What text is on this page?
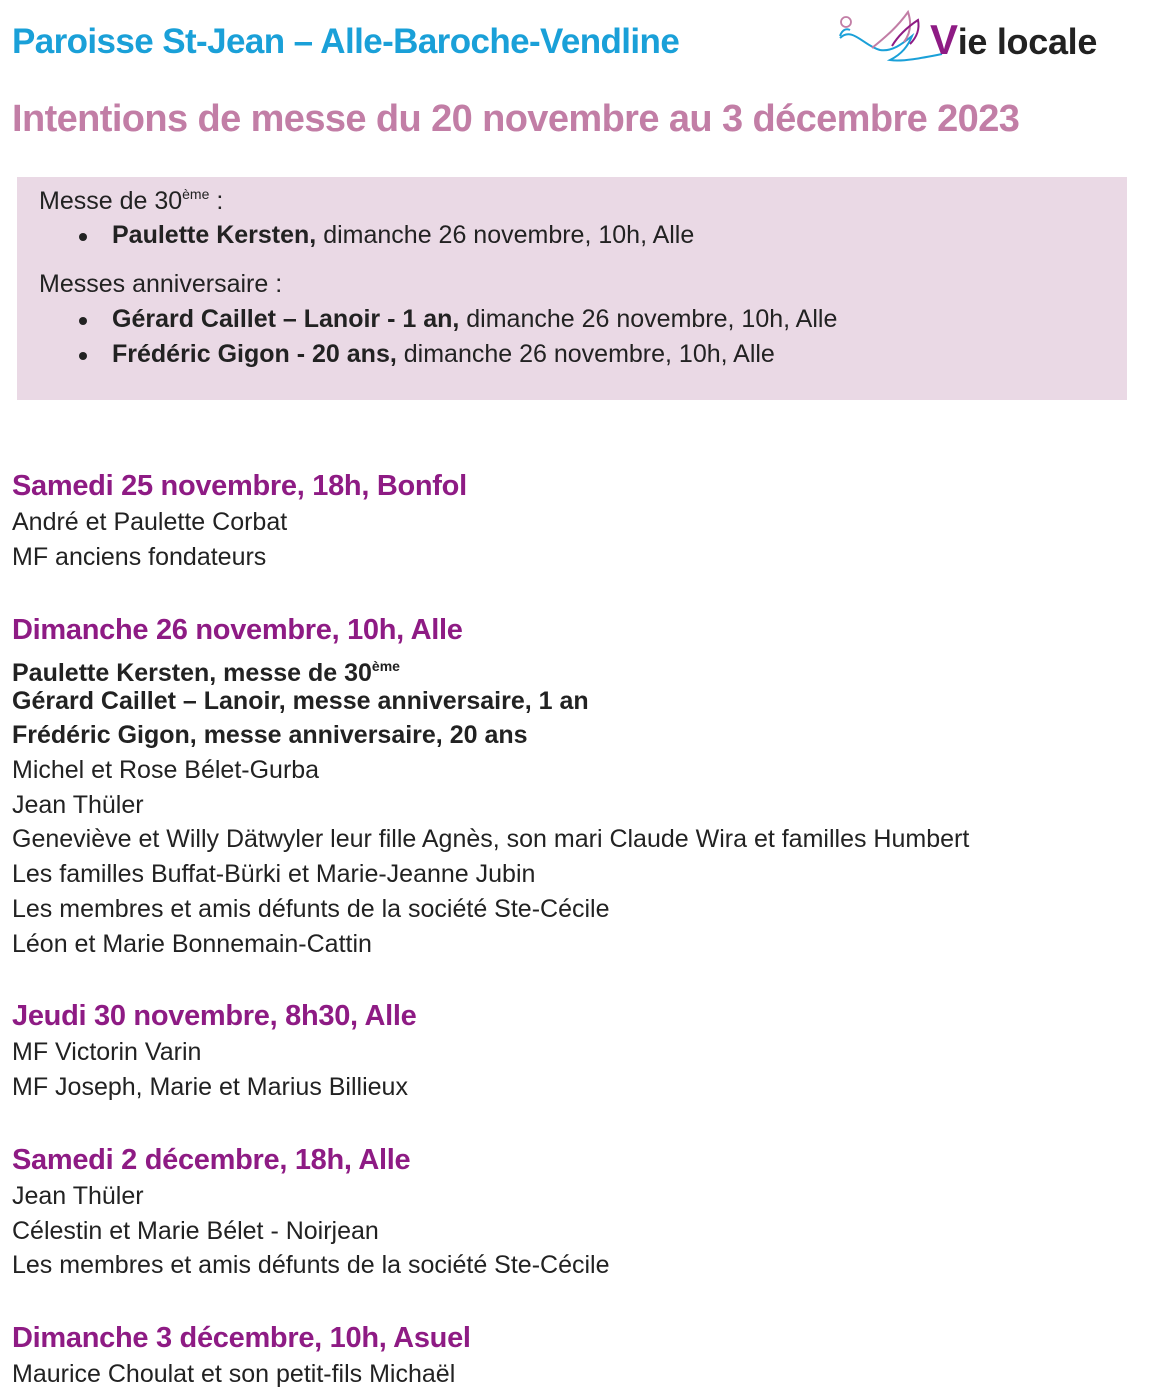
Paroisse St-Jean – Alle-Baroche-Vendline	Vie locale
Intentions de messe du 20 novembre au 3 décembre 2023
Messe de 30ème :
Paulette Kersten, dimanche 26 novembre, 10h, Alle
Messes anniversaire :
Gérard Caillet – Lanoir - 1 an, dimanche 26 novembre, 10h, Alle
Frédéric Gigon - 20 ans, dimanche 26 novembre, 10h, Alle
Samedi 25 novembre, 18h, Bonfol
André et Paulette Corbat
MF anciens fondateurs
Dimanche 26 novembre, 10h, Alle
Paulette Kersten, messe de 30ème
Gérard Caillet – Lanoir, messe anniversaire, 1 an
Frédéric Gigon, messe anniversaire, 20 ans
Michel et Rose Bélet-Gurba
Jean Thüler
Geneviève et Willy Dätwyler leur fille Agnès, son mari Claude Wira et familles Humbert
Les familles Buffat-Bürki et Marie-Jeanne Jubin
Les membres et amis défunts de la société Ste-Cécile
Léon et Marie Bonnemain-Cattin
Jeudi 30 novembre, 8h30, Alle
MF Victorin Varin
MF Joseph, Marie et Marius Billieux
Samedi 2 décembre, 18h, Alle
Jean Thüler
Célestin et Marie Bélet - Noirjean
Les membres et amis défunts de la société Ste-Cécile
Dimanche 3 décembre, 10h, Asuel
Maurice Choulat et son petit-fils Michaël
